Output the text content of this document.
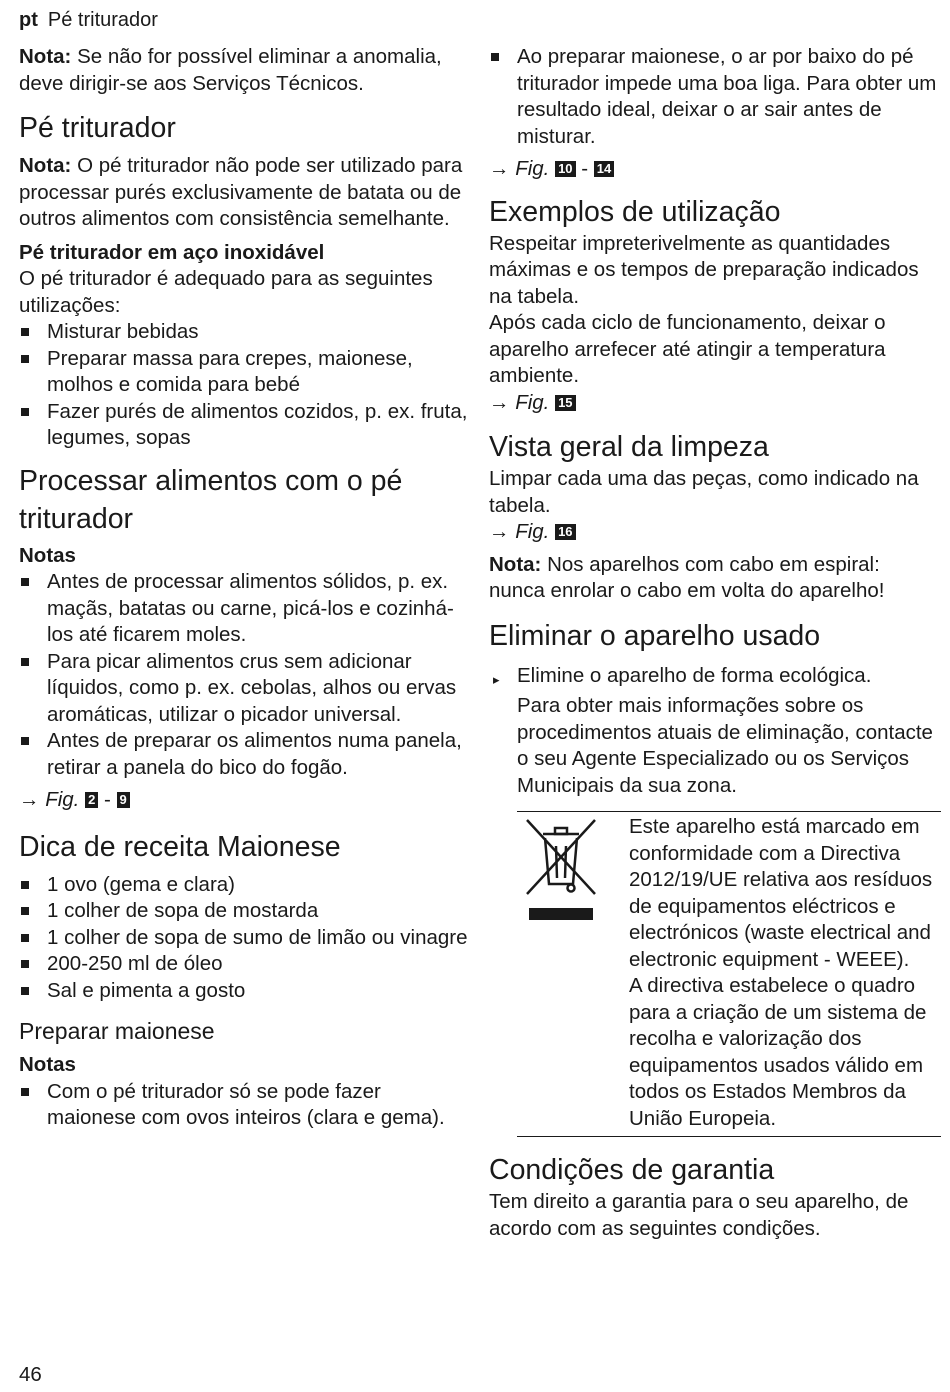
pt Pé triturador

Nota: Se não for possível eliminar a anomalia, deve dirigir-se aos Serviços Técnicos.

Pé triturador

Nota: O pé triturador não pode ser utilizado para processar purés exclusivamente de batata ou de outros alimentos com consistência semelhante.

Pé triturador em aço inoxidável

O pé triturador é adequado para as seguintes utilizações:

Misturar bebidas
Preparar massa para crepes, maionese, molhos e comida para bebé
Fazer purés de alimentos cozidos, p. ex. fruta, legumes, sopas
Processar alimentos com o pé triturador
Notas
Antes de processar alimentos sólidos, p. ex. maçãs, batatas ou carne, picá-los e cozinhá-los até ficarem moles.
Para picar alimentos crus sem adicionar líquidos, como p. ex. cebolas, alhos ou ervas aromáticas, utilizar o picador universal.
Antes de preparar os alimentos numa panela, retirar a panela do bico do fogão.

→ Fig. 2 - 9

Dica de receita Maionese
1 ovo (gema e clara)
1 colher de sopa de mostarda
1 colher de sopa de sumo de limão ou vinagre
200-250 ml de óleo
Sal e pimenta a gosto
Preparar maionese
Notas
Com o pé triturador só se pode fazer maionese com ovos inteiros (clara e gema).
Ao preparar maionese, o ar por baixo do pé triturador impede uma boa liga. Para obter um resultado ideal, deixar o ar sair antes de misturar.

→ Fig. 10 - 14

Exemplos de utilização

Respeitar impreterivelmente as quantidades máximas e os tempos de preparação indicados na tabela.

Após cada ciclo de funcionamento, deixar o aparelho arrefecer até atingir a temperatura ambiente.

→ Fig. 15

Vista geral da limpeza

Limpar cada uma das peças, como indicado na tabela.

→ Fig. 16

Nota: Nos aparelhos com cabo em espiral: nunca enrolar o cabo em volta do aparelho!

Eliminar o aparelho usado
▸ Elimine o aparelho de forma ecológica.

Para obter mais informações sobre os procedimentos atuais de eliminação, contacte o seu Agente Especializado ou os Serviços Municipais da sua zona.

Este aparelho está marcado em conformidade com a Directiva 2012/19/UE relativa aos resíduos de equipamentos eléctricos e electrónicos (waste electrical and electronic equipment - WEEE).

A directiva estabelece o quadro para a criação de um sistema de recolha e valorização dos equipamentos usados válido em todos os Estados Membros da União Europeia.

Condições de garantia

Tem direito a garantia para o seu aparelho, de acordo com as seguintes condições.

46
